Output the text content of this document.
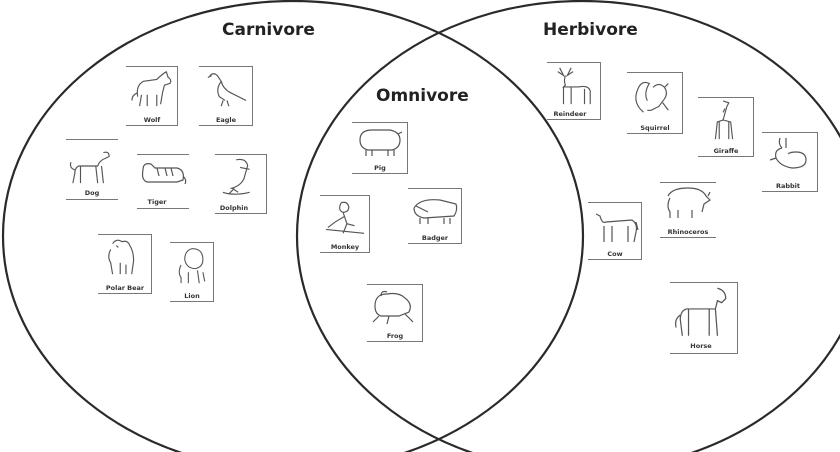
Carnivore	Herbivore
Omnivore
Wolf	Eagle
Dog
Tiger
Dolphin
Polar Bear
Lion
Pig
Monkey
Badger
Frog
Reindeer
Squirrel
Giraffe
Rabbit
Rhinoceros
Cow
Horse
